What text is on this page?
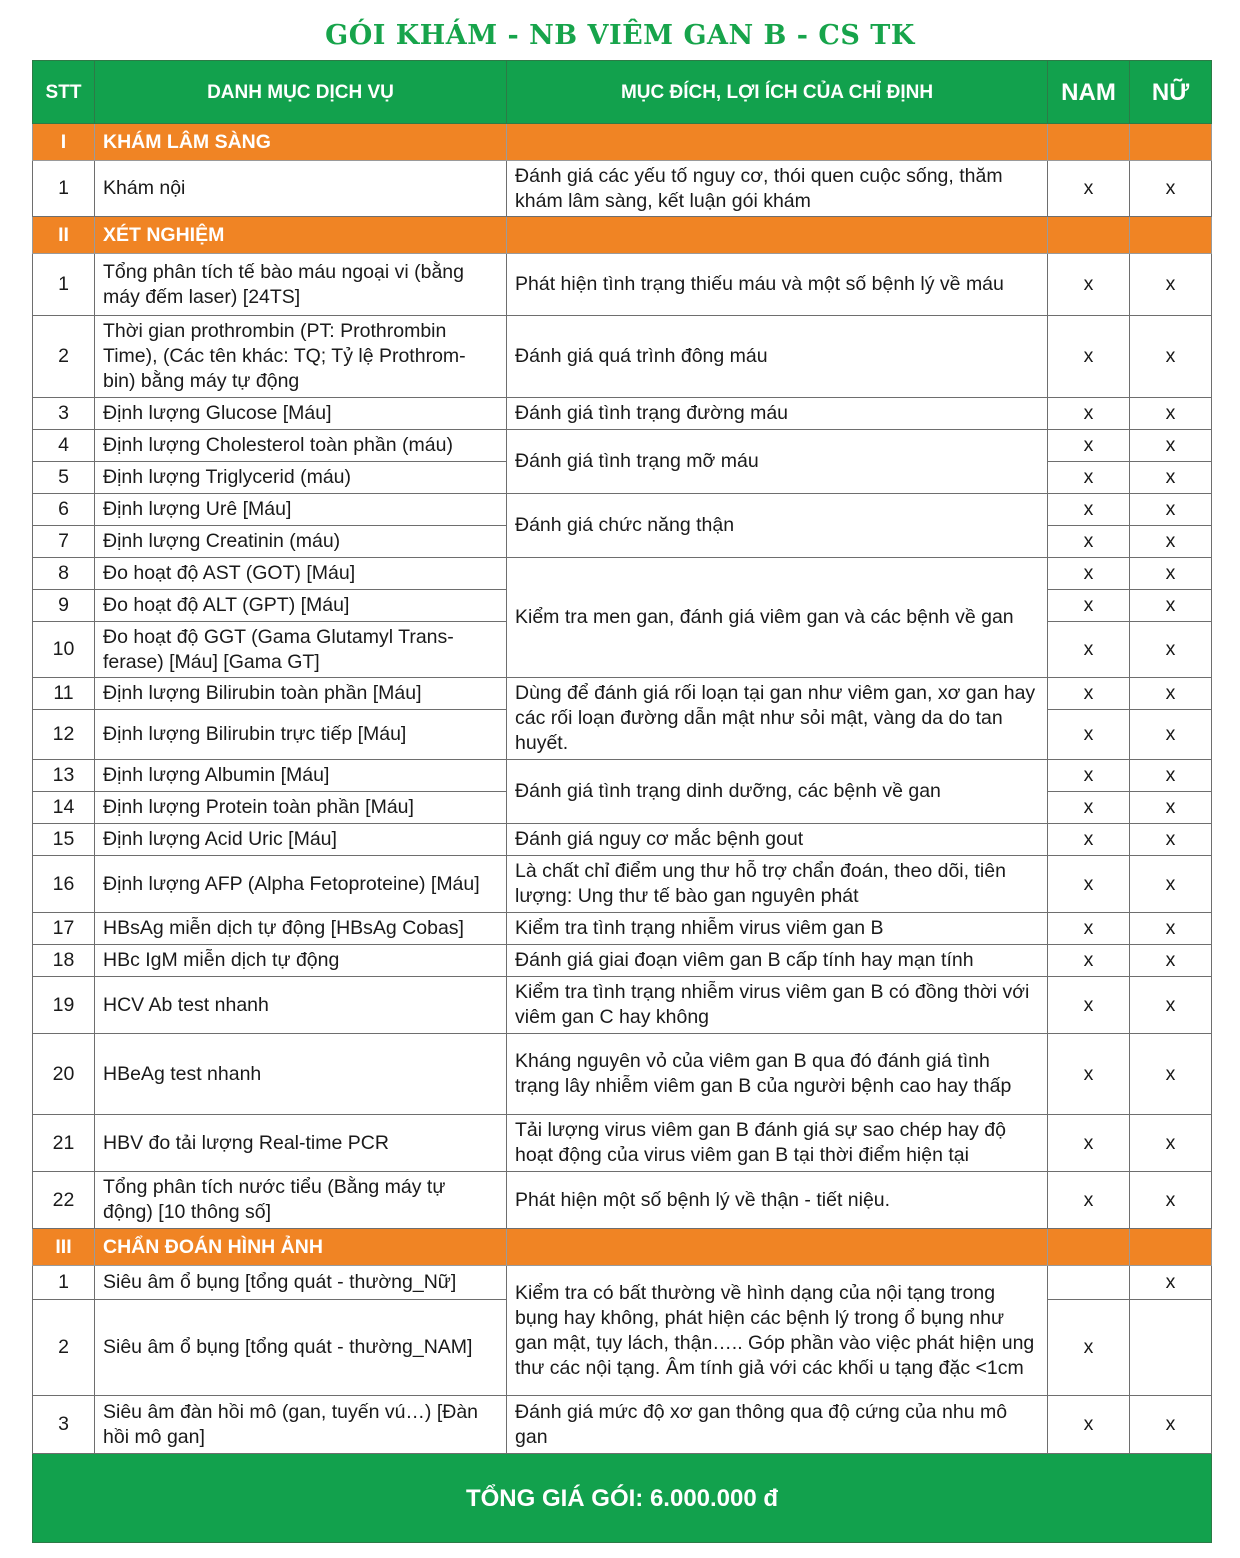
GÓI KHÁM - NB VIÊM GAN B - CS TK
STT	DANH MỤC DỊCH VỤ	MỤC ĐÍCH, LỢI ÍCH CỦA CHỈ ĐỊNH	NAM	NỮ
I	KHÁM LÂM SÀNG			
1	Khám nội	Đánh giá các yếu tố nguy cơ, thói quen cuộc sống, thăm khám lâm sàng, kết luận gói khám	x	x
II	XÉT NGHIỆM			
1	Tổng phân tích tế bào máu ngoại vi (bằng máy đếm laser) [24TS]	Phát hiện tình trạng thiếu máu và một số bệnh lý về máu	x	x
2	Thời gian prothrombin (PT: Prothrombin Time), (Các tên khác: TQ; Tỷ lệ Prothrom-bin) bằng máy tự động	Đánh giá quá trình đông máu	x	x
3	Định lượng Glucose [Máu]	Đánh giá tình trạng đường máu	x	x
4	Định lượng Cholesterol toàn phần (máu)	Đánh giá tình trạng mỡ máu	x	x
5	Định lượng Triglycerid (máu)		x	x
6	Định lượng Urê [Máu]	Đánh giá chức năng thận	x	x
7	Định lượng Creatinin (máu)		x	x
8	Đo hoạt độ AST (GOT) [Máu]	Kiểm tra men gan, đánh giá viêm gan và các bệnh về gan	x	x
9	Đo hoạt độ ALT (GPT) [Máu]		x	x
10	Đo hoạt độ GGT (Gama Glutamyl Trans-ferase) [Máu] [Gama GT]		x	x
11	Định lượng Bilirubin toàn phần [Máu]	Dùng để đánh giá rối loạn tại gan như viêm gan, xơ gan hay các rối loạn đường dẫn mật như sỏi mật, vàng da do tan huyết.	x	x
12	Định lượng Bilirubin trực tiếp [Máu]		x	x
13	Định lượng Albumin [Máu]	Đánh giá tình trạng dinh dưỡng, các bệnh về gan	x	x
14	Định lượng Protein toàn phần [Máu]		x	x
15	Định lượng Acid Uric [Máu]	Đánh giá nguy cơ mắc bệnh gout	x	x
16	Định lượng AFP (Alpha Fetoproteine) [Máu]	Là chất chỉ điểm ung thư hỗ trợ chẩn đoán, theo dõi, tiên lượng: Ung thư tế bào gan nguyên phát	x	x
17	HBsAg miễn dịch tự động [HBsAg Cobas]	Kiểm tra tình trạng nhiễm virus viêm gan B	x	x
18	HBc IgM miễn dịch tự động	Đánh giá giai đoạn viêm gan B cấp tính hay mạn tính	x	x
19	HCV Ab test nhanh	Kiểm tra tình trạng nhiễm virus viêm gan B có đồng thời với viêm gan C hay không	x	x
20	HBeAg test nhanh	Kháng nguyên vỏ của viêm gan B qua đó đánh giá tình trạng lây nhiễm viêm gan B của người bệnh cao hay thấp	x	x
21	HBV đo tải lượng Real-time PCR	Tải lượng virus viêm gan B đánh giá sự sao chép hay độ hoạt động của virus viêm gan B tại thời điểm hiện tại	x	x
22	Tổng phân tích nước tiểu (Bằng máy tự động) [10 thông số]	Phát hiện một số bệnh lý về thận - tiết niệu.	x	x
III	CHẨN ĐOÁN HÌNH ẢNH			
1	Siêu âm ổ bụng [tổng quát - thường_Nữ]	Kiểm tra có bất thường về hình dạng của nội tạng trong bụng hay không, phát hiện các bệnh lý trong ổ bụng như gan mật, tụy lách, thận….. Góp phần vào việc phát hiện ung thư các nội tạng. Âm tính giả với các khối u tạng đặc <1cm		x
2	Siêu âm ổ bụng [tổng quát - thường_NAM]		x	
3	Siêu âm đàn hồi mô (gan, tuyến vú…) [Đàn hồi mô gan]	Đánh giá mức độ xơ gan thông qua độ cứng của nhu mô gan	x	x
TỔNG GIÁ GÓI: 6.000.000 đ				
